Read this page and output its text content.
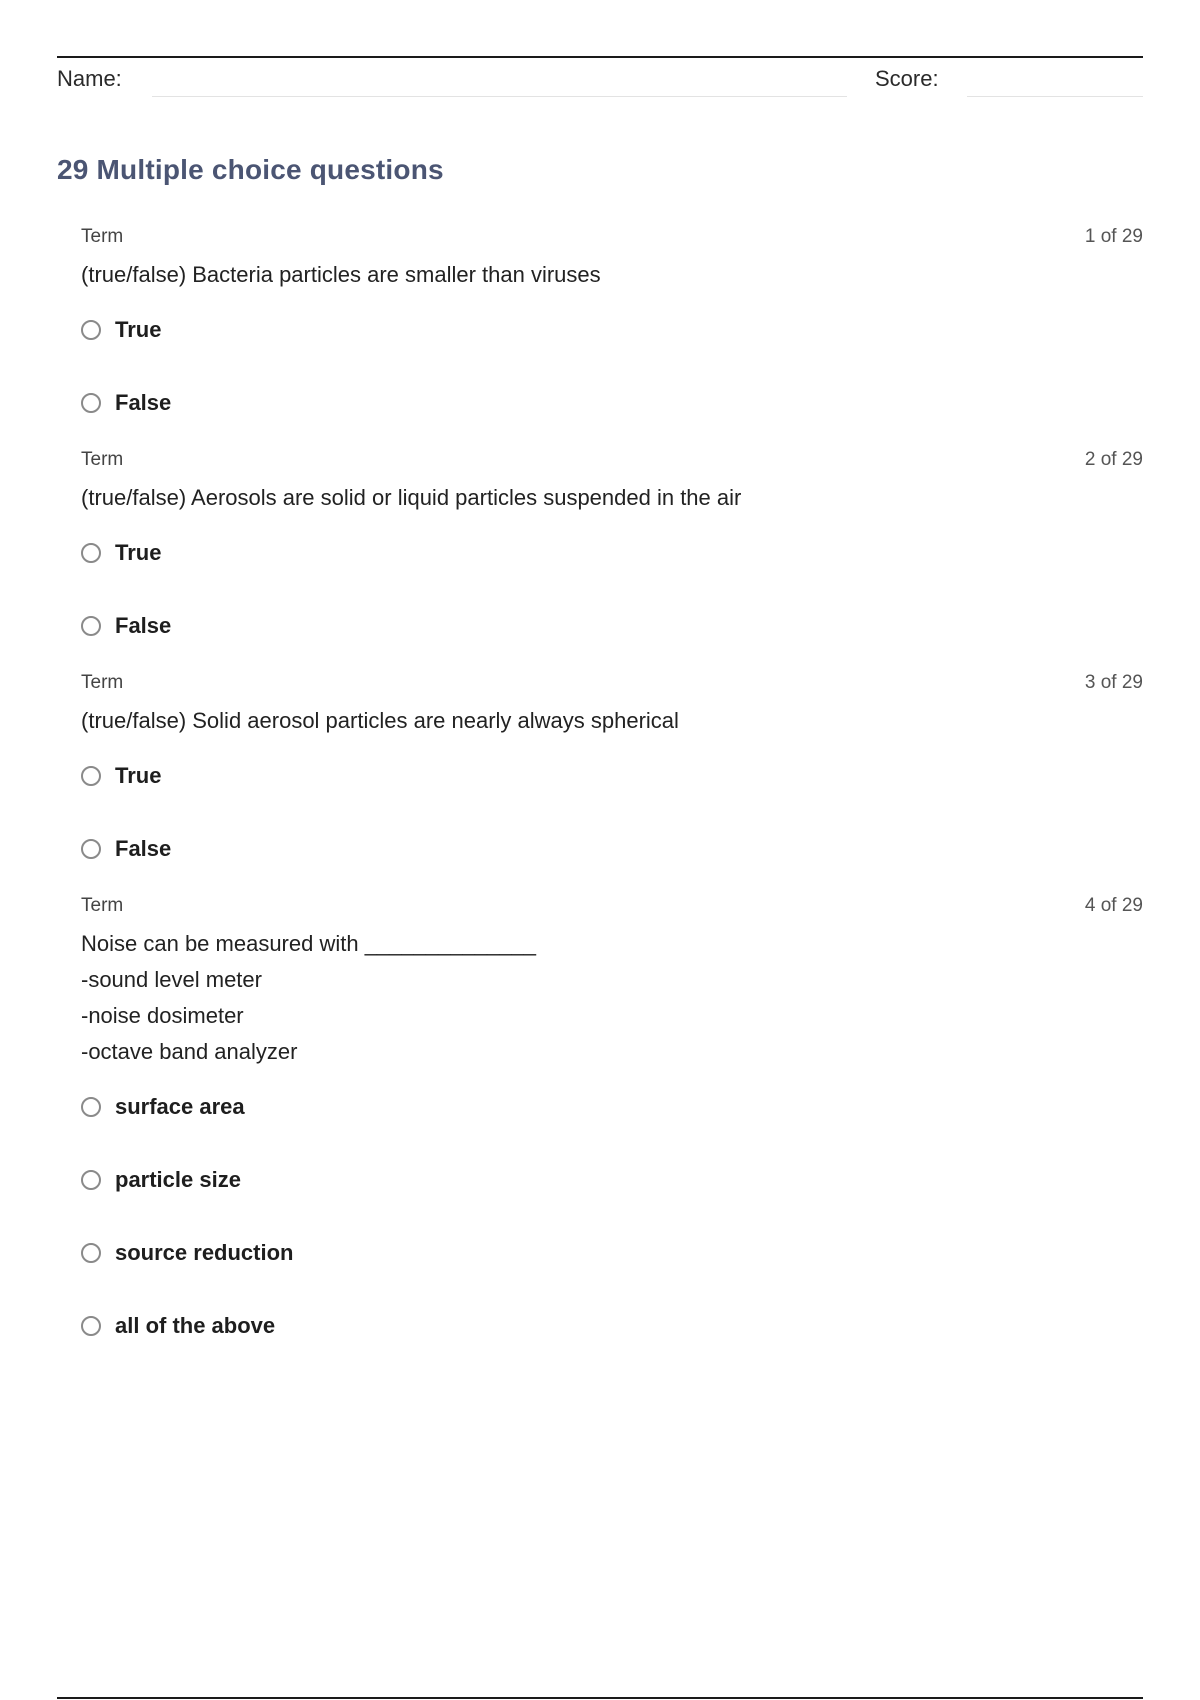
Name:	Score:
29 Multiple choice questions
Term	1 of 29
(true/false) Bacteria particles are smaller than viruses
True
False
Term	2 of 29
(true/false) Aerosols are solid or liquid particles suspended in the air
True
False
Term	3 of 29
(true/false) Solid aerosol particles are nearly always spherical
True
False
Term	4 of 29
Noise can be measured with ______________
-sound level meter
-noise dosimeter
-octave band analyzer
surface area
particle size
source reduction
all of the above
